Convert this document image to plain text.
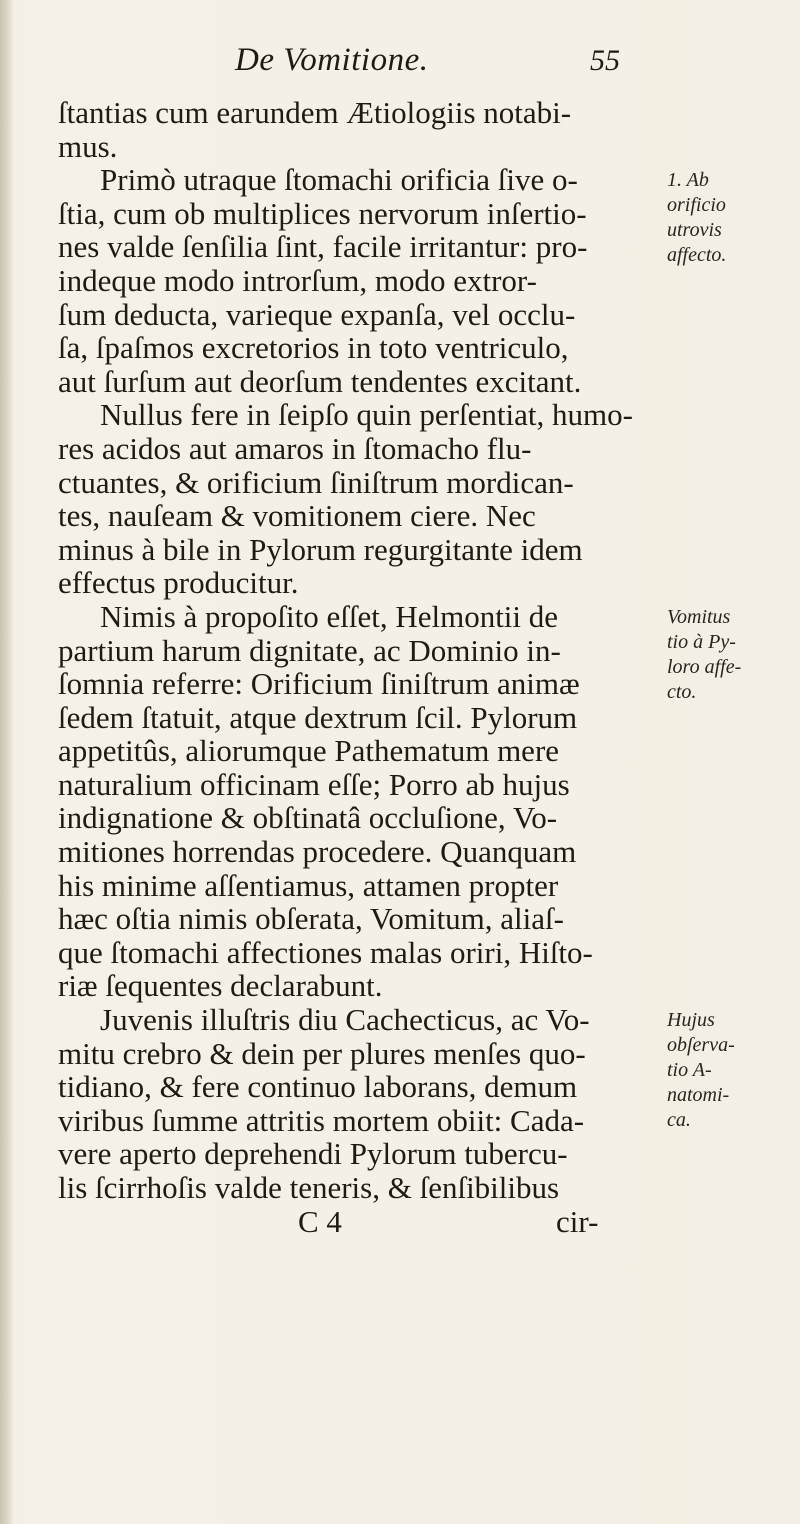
De Vomitione.	55
ſtantias cum earundem Ætiologiis notabi-
mus.
Primò utraque ſtomachi orificia ſive o-
ſtia, cum ob multiplices nervorum inſertio-
nes valde ſenſilia ſint, facile irritantur: pro-
indeque modo introrſum, modo extror-
ſum deducta, varieque expanſa, vel occlu-
ſa, ſpaſmos excretorios in toto ventriculo,
aut ſurſum aut deorſum tendentes excitant.
Nullus fere in ſeipſo quin perſentiat, humo-
res acidos aut amaros in ſtomacho flu-
ctuantes, & orificium ſiniſtrum mordican-
tes, nauſeam & vomitionem ciere. Nec
minus à bile in Pylorum regurgitante idem
effectus producitur.
Nimis à propoſito eſſet, Helmontii de
partium harum dignitate, ac Dominio in-
ſomnia referre: Orificium ſiniſtrum animæ
ſedem ſtatuit, atque dextrum ſcil. Pylorum
appetitûs, aliorumque Pathematum mere
naturalium officinam eſſe; Porro ab hujus
indignatione & obſtinatâ occluſione, Vo-
mitiones horrendas procedere. Quanquam
his minime aſſentiamus, attamen propter
hæc oſtia nimis obſerata, Vomitum, aliaſ-
que ſtomachi affectiones malas oriri, Hiſto-
riæ ſequentes declarabunt.
Juvenis illuſtris diu Cachecticus, ac Vo-
mitu crebro & dein per plures menſes quo-
tidiano, & fere continuo laborans, demum
viribus ſumme attritis mortem obiit: Cada-
vere aperto deprehendi Pylorum tubercu-
lis ſcirrhoſis valde teneris, & ſenſibilibus
C 4	cir-
1. Ab
orificio
utrovis
affecto.
Vomitus
tio à Py-
loro affe-
cto.
Hujus
obſerva-
tio A-
natomi-
ca.
